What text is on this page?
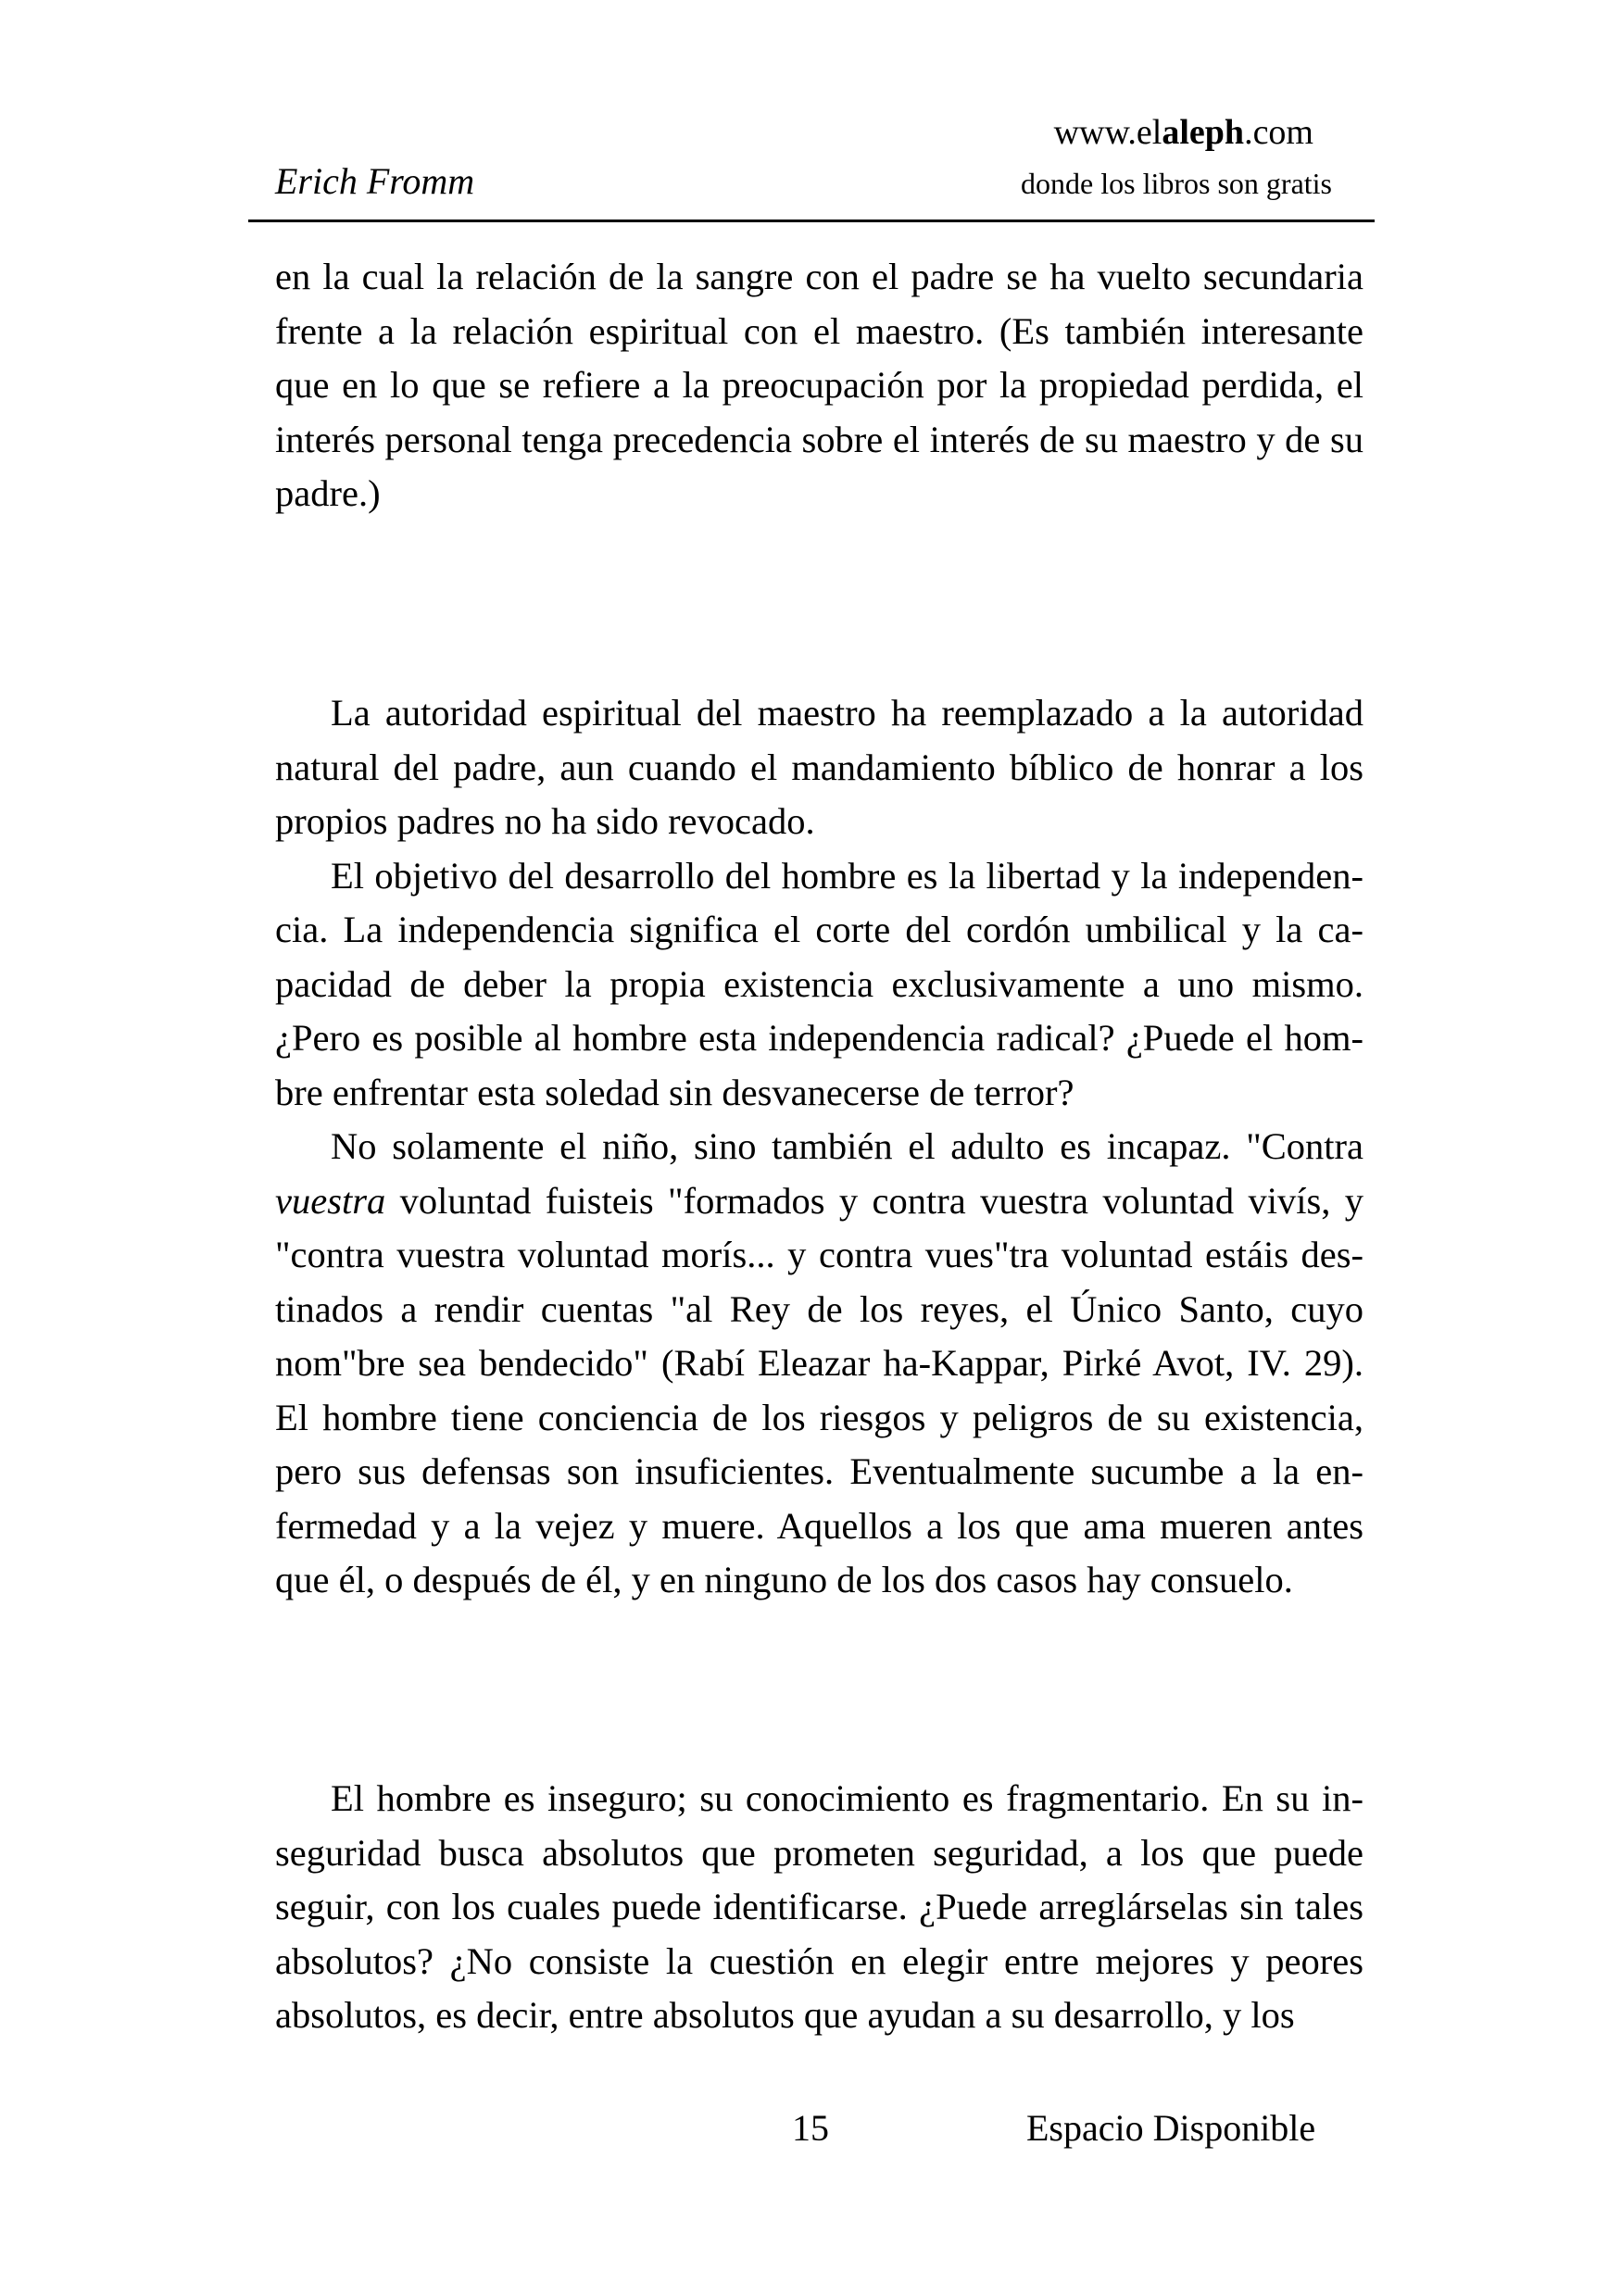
www.elaleph.com
Erich Fromm	donde los libros son gratis

en la cual la relación de la sangre con el padre se ha vuelto secundaria frente a la relación espiritual con el maestro. (Es también interesante que en lo que se refiere a la preocupación por la propiedad perdida, el interés personal tenga precedencia sobre el interés de su maestro y de su padre.)

La autoridad espiritual del maestro ha reemplazado a la autoridad natural del padre, aun cuando el mandamiento bíblico de honrar a los propios padres no ha sido revocado.

El objetivo del desarrollo del hombre es la libertad y la independencia. La independencia significa el corte del cordón umbilical y la capacidad de deber la propia existencia exclusivamente a uno mismo. ¿Pero es posible al hombre esta independencia radical? ¿Puede el hombre enfrentar esta soledad sin desvanecerse de terror?

No solamente el niño, sino también el adulto es incapaz. "Contra vuestra voluntad fuisteis "formados y contra vuestra voluntad vivís, y "contra vuestra voluntad morís... y contra vues"tra voluntad estáis destinados a rendir cuentas "al Rey de los reyes, el Único Santo, cuyo nom"bre sea bendecido" (Rabí Eleazar ha-Kappar, Pirké Avot, IV. 29). El hombre tiene conciencia de los riesgos y peligros de su existencia, pero sus defensas son insuficientes. Eventualmente sucumbe a la enfermedad y a la vejez y muere. Aquellos a los que ama mueren antes que él, o después de él, y en ninguno de los dos casos hay consuelo.

El hombre es inseguro; su conocimiento es fragmentario. En su inseguridad busca absolutos que prometen seguridad, a los que puede seguir, con los cuales puede identificarse. ¿Puede arreglárselas sin tales absolutos? ¿No consiste la cuestión en elegir entre mejores y peores absolutos, es decir, entre absolutos que ayudan a su desarrollo, y los

15	Espacio Disponible
